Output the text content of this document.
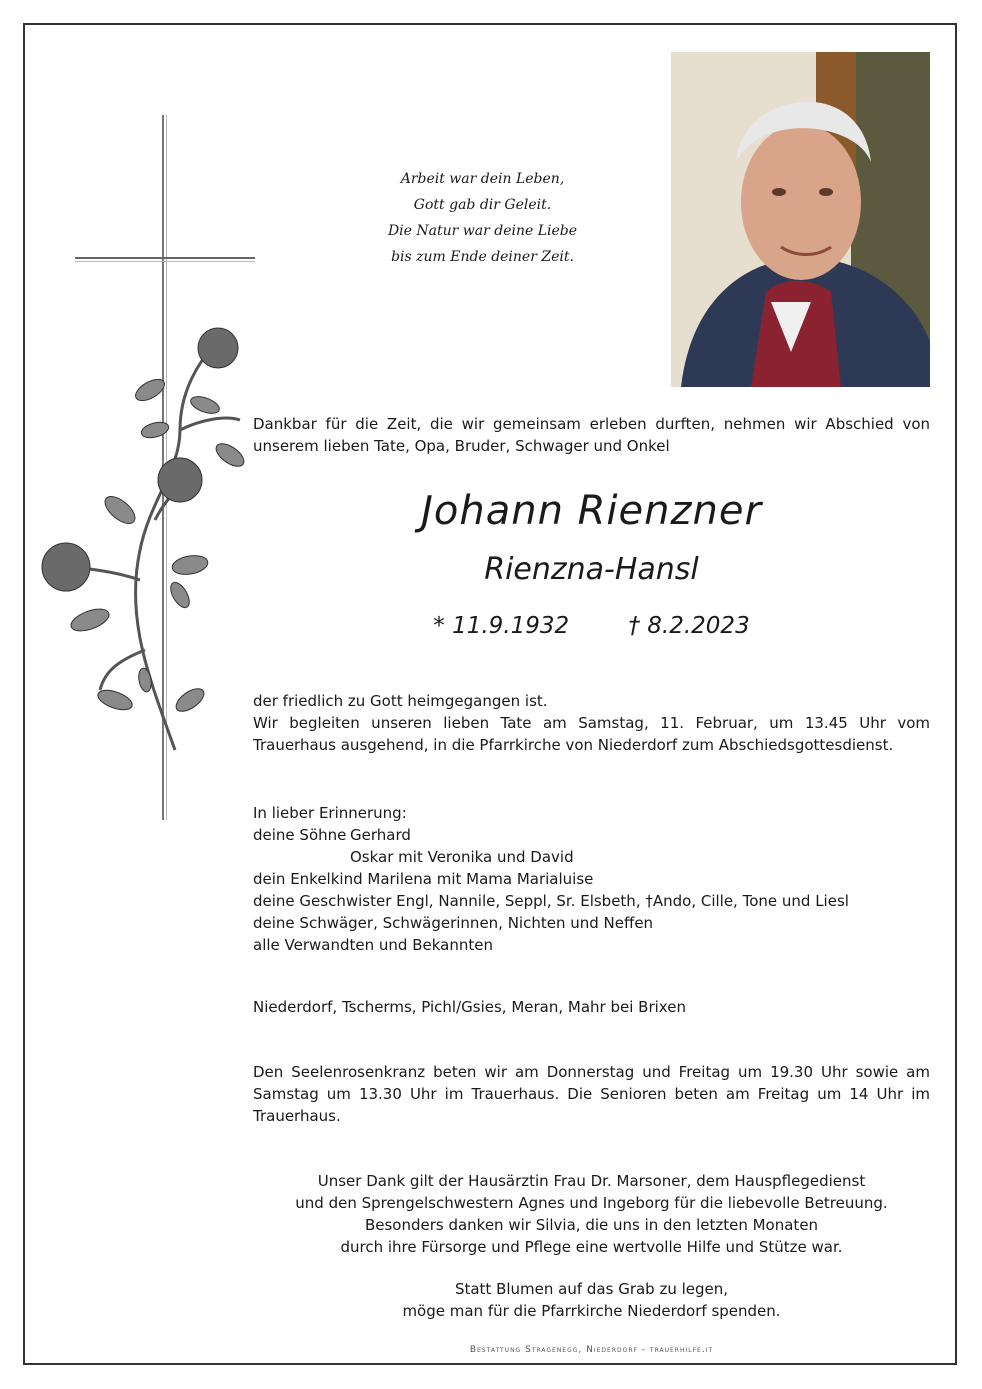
Arbeit war dein Leben,
Gott gab dir Geleit.
Die Natur war deine Liebe
bis zum Ende deiner Zeit.
Dankbar für die Zeit, die wir gemeinsam erleben durften, nehmen wir Abschied von
unserem lieben Tate, Opa, Bruder, Schwager und Onkel
Johann Rienzner
Rienzna-Hansl
* 11.9.1932	† 8.2.2023
der friedlich zu Gott heimgegangen ist.
Wir begleiten unseren lieben Tate am Samstag, 11. Februar, um 13.45 Uhr vom
Trauerhaus ausgehend, in die Pfarrkirche von Niederdorf zum Abschiedsgottesdienst.
In lieber Erinnerung:
deine Söhne Gerhard
Oskar mit Veronika und David
dein Enkelkind Marilena mit Mama Marialuise
deine Geschwister Engl, Nannile, Seppl, Sr. Elsbeth, †Ando, Cille, Tone und Liesl
deine Schwäger, Schwägerinnen, Nichten und Neffen
alle Verwandten und Bekannten
Niederdorf, Tscherms, Pichl/Gsies, Meran, Mahr bei Brixen
Den Seelenrosenkranz beten wir am Donnerstag und Freitag um 19.30 Uhr sowie am
Samstag um 13.30 Uhr im Trauerhaus. Die Senioren beten am Freitag um 14 Uhr im
Trauerhaus.
Unser Dank gilt der Hausärztin Frau Dr. Marsoner, dem Hauspflegedienst
und den Sprengelschwestern Agnes und Ingeborg für die liebevolle Betreuung.
Besonders danken wir Silvia, die uns in den letzten Monaten
durch ihre Fürsorge und Pflege eine wertvolle Hilfe und Stütze war.
Statt Blumen auf das Grab zu legen,
möge man für die Pfarrkirche Niederdorf spenden.
Bestattung Stragenegg, Niederdorf - trauerhilfe.it
